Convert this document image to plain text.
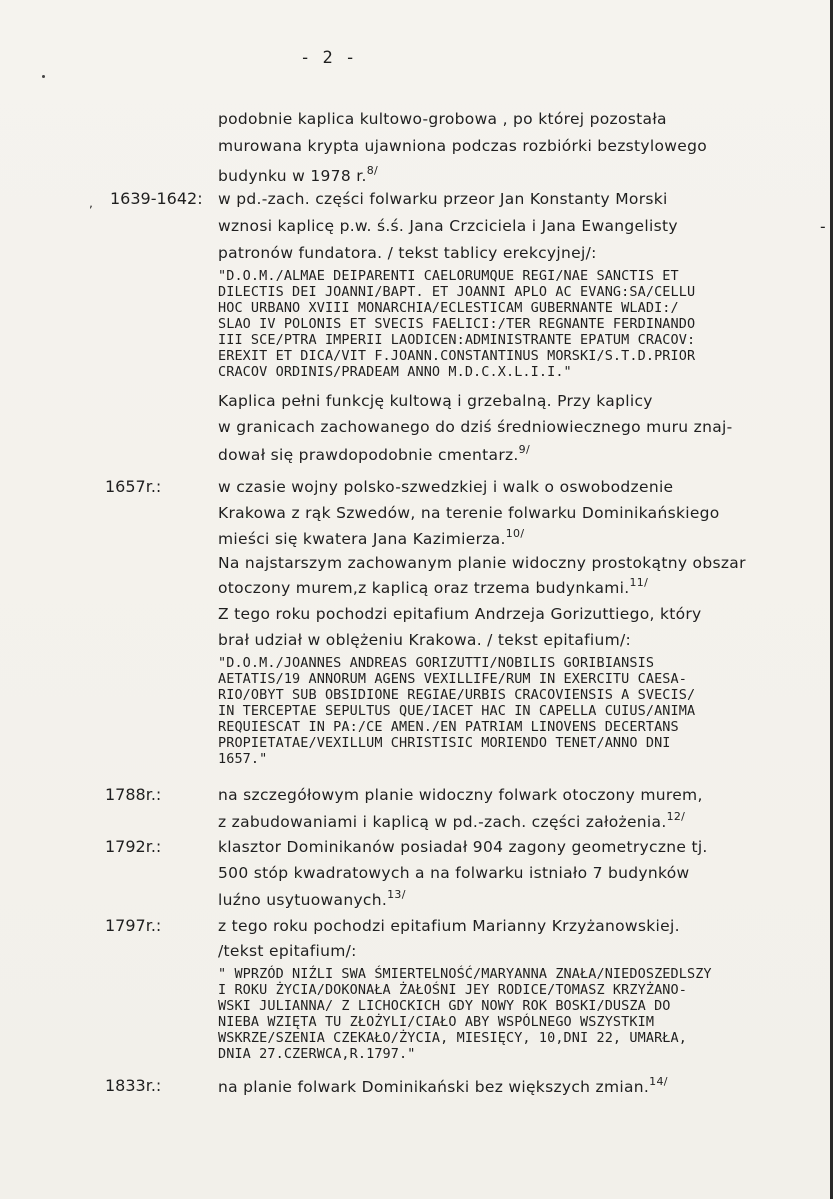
,
- 2 -
podobnie kaplica kultowo-grobowa , po której pozostała
murowana krypta ujawniona podczas rozbiórki bezstylowego
budynku w 1978 r.$^{8/}$
1639-1642: w pd.-zach. części folwarku przeor Jan Konstanty Morski
wznosi kaplicę p.w. ś.ś. Jana Crzciciela i Jana Ewangelisty	-
patronów fundatora. / tekst tablicy erekcyjnej/:
"D.O.M./ALMAE DEIPARENTI CAELORUMQUE REGI/NAE SANCTIS ET
DILECTIS DEI JOANNI/BAPT. ET JOANNI APLO AC EVANG:SA/CELLU
HOC URBANO XVIII MONARCHIA/ECLESTICAM GUBERNANTE WLADI:/
SLAO IV POLONIS ET SVECIS FAELICI:/TER REGNANTE FERDINANDO
III SCE/PTRA IMPERII LAODICEN:ADMINISTRANTE EPATUM CRACOV:
EREXIT ET DICA/VIT F.JOANN.CONSTANTINUS MORSKI/S.T.D.PRIOR
CRACOV ORDINIS/PRADEAM ANNO M.D.C.X.L.I.I."
Kaplica pełni funkcję kultową i grzebalną. Przy kaplicy
w granicach zachowanego do dziś średniowiecznego muru znaj-
dował się prawdopodobnie cmentarz.$^{9/}$
1657r.:	w czasie wojny polsko-szwedzkiej i walk o oswobodzenie
Krakowa z rąk Szwedów, na terenie folwarku Dominikańskiego
mieści się kwatera Jana Kazimierza.$^{10/}$
Na najstarszym zachowanym planie widoczny prostokątny obszar
otoczony murem,z kaplicą oraz trzema budynkami.$^{11/}$
Z tego roku pochodzi epitafium Andrzeja Gorizuttiego, który
brał udział w oblężeniu Krakowa. / tekst epitafium/:
"D.O.M./JOANNES ANDREAS GORIZUTTI/NOBILIS GORIBIANSIS
AETATIS/19 ANNORUM AGENS VEXILLIFE/RUM IN EXERCITU CAESA-
RIO/OBYT SUB OBSIDIONE REGIAE/URBIS CRACOVIENSIS A SVECIS/
IN TERCEPTAE SEPULTUS QUE/IACET HAC IN CAPELLA CUIUS/ANIMA
REQUIESCAT IN PA:/CE AMEN./EN PATRIAM LINOVENS DECERTANS
PROPIETATAE/VEXILLUM CHRISTISIC MORIENDO TENET/ANNO DNI
1657."
1788r.:	na szczegółowym planie widoczny folwark otoczony murem,
z zabudowaniami i kaplicą w pd.-zach. części założenia.$^{12/}$
1792r.:	klasztor Dominikanów posiadał 904 zagony geometryczne tj.
500 stóp kwadratowych a na folwarku istniało 7 budynków
luźno usytuowanych.$^{13/}$
1797r.:	z tego roku pochodzi epitafium Marianny Krzyżanowskiej.
/tekst epitafium/:
" WPRZÓD NIŹLI SWA ŚMIERTELNOŚĆ/MARYANNA ZNAŁA/NIEDOSZEDLSZY
I ROKU ŻYCIA/DOKONAŁA ŻAŁOŚNI JEY RODICE/TOMASZ KRZYŻANO-
WSKI JULIANNA/ Z LICHOCKICH GDY NOWY ROK BOSKI/DUSZA DO
NIEBA WZIĘTA TU ZŁOŻYLI/CIAŁO ABY WSPÓLNEGO WSZYSTKIM
WSKRZE/SZENIA CZEKAŁO/ŻYCIA, MIESIĘCY, 10,DNI 22, UMARŁA,
DNIA 27.CZERWCA,R.1797."
1833r.:	na planie folwark Dominikański bez większych zmian.$^{14/}$
